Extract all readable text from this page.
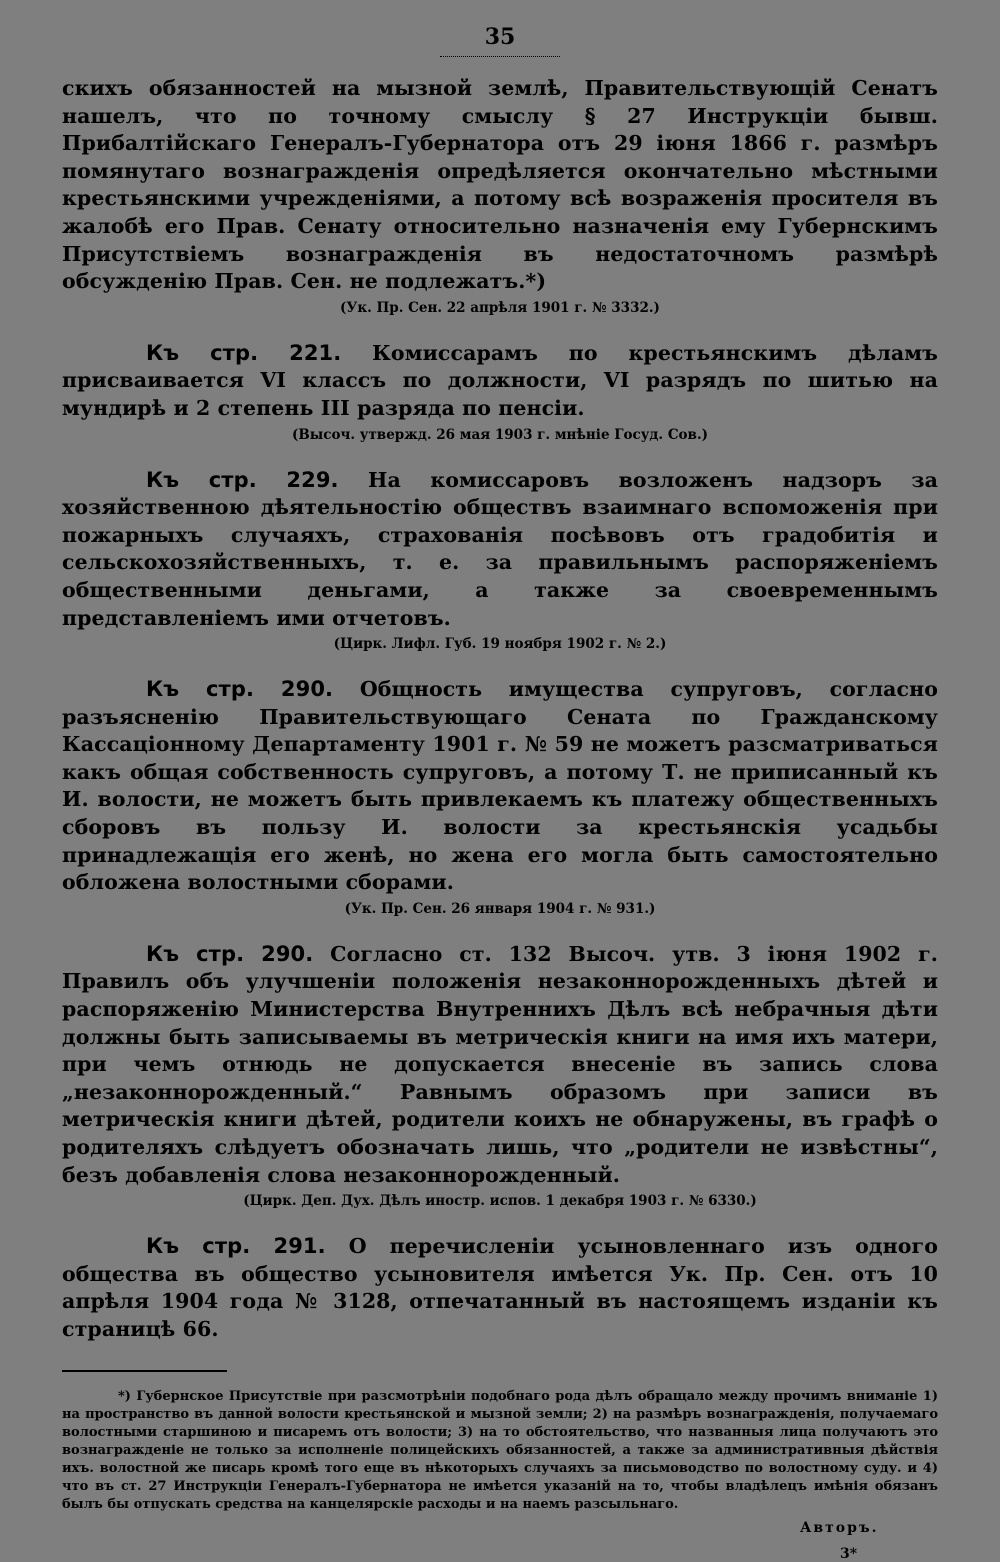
35

скихъ обязанностей на мызной землѣ, Правительствующій Сенатъ нашелъ, что по точному смыслу § 27 Инструкціи бывш. Прибалтійскаго Генералъ-Губернатора отъ 29 іюня 1866 г. размѣръ помянутаго вознагражденія опредѣляется окончательно мѣстными крестьянскими учрежденіями, а потому всѣ возраженія просителя въ жалобѣ его Прав. Сенату относительно назначенія ему Губернскимъ Присутствіемъ вознагражденія въ недостаточномъ размѣрѣ обсужденію Прав. Сен. не подлежатъ.*)

(Ук. Пр. Сен. 22 апрѣля 1901 г. № 3332.)

Къ стр. 221. Комиссарамъ по крестьянскимъ дѣламъ присваивается VI классъ по должности, VI разрядъ по шитью на мундирѣ и 2 степень III разряда по пенсіи.

(Высоч. утвержд. 26 мая 1903 г. мнѣніе Госуд. Сов.)

Къ стр. 229. На комиссаровъ возложенъ надзоръ за хозяйственною дѣятельностію обществъ взаимнаго вспоможенія при пожарныхъ случаяхъ, страхованія посѣвовъ отъ градобитія и сельскохозяйственныхъ, т. е. за правильнымъ распоряженіемъ общественными деньгами, а также за своевременнымъ представленіемъ ими отчетовъ.

(Цирк. Лифл. Губ. 19 ноября 1902 г. № 2.)

Къ стр. 290. Общность имущества супруговъ, согласно разъясненію Правительствующаго Сената по Гражданскому Кассаціонному Департаменту 1901 г. № 59 не можетъ разсматриваться какъ общая собственность супруговъ, а потому Т. не приписанный къ И. волости, не можетъ быть привлекаемъ къ платежу общественныхъ сборовъ въ пользу И. волости за крестьянскія усадьбы принадлежащія его женѣ, но жена его могла быть самостоятельно обложена волостными сборами.

(Ук. Пр. Сен. 26 января 1904 г. № 931.)

Къ стр. 290. Согласно ст. 132 Высоч. утв. 3 іюня 1902 г. Правилъ объ улучшеніи положенія незаконнорожденныхъ дѣтей и распоряженію Министерства Внутреннихъ Дѣлъ всѣ небрачныя дѣти должны быть записываемы въ метрическія книги на имя ихъ матери, при чемъ отнюдь не допускается внесеніе въ запись слова „незаконнорожденный.“ Равнымъ образомъ при записи въ метрическія книги дѣтей, родители коихъ не обнаружены, въ графѣ о родителяхъ слѣдуетъ обозначать лишь, что „родители не извѣстны“, безъ добавленія слова незаконнорожденный.

(Цирк. Деп. Дух. Дѣлъ иностр. испов. 1 декабря 1903 г. № 6330.)

Къ стр. 291. О перечисленіи усыновленнаго изъ одного общества въ общество усыновителя имѣется Ук. Пр. Сен. отъ 10 апрѣля 1904 года № 3128, отпечатанный въ настоящемъ изданіи къ страницѣ 66.

*) Губернское Присутствіе при разсмотрѣніи подобнаго рода дѣлъ обращало между прочимъ вниманіе 1) на пространство въ данной волости крестьянской и мызной земли; 2) на размѣръ вознагражденія, получаемаго волостными старшиною и писаремъ отъ волости; 3) на то обстоятельство, что названныя лица получаютъ это вознагражденіе не только за исполненіе полицейскихъ обязанностей, а также за административныя дѣйствія ихъ. волостной же писарь кромѣ того еще въ нѣкоторыхъ случаяхъ за письмоводство по волостному суду. и 4) что въ ст. 27 Инструкціи Генералъ-Губернатора не имѣется указаній на то, чтобы владѣлецъ имѣнія обязанъ былъ бы отпускать средства на канцелярскіе расходы и на наемъ разсыльнаго.

Авторъ.
3*
